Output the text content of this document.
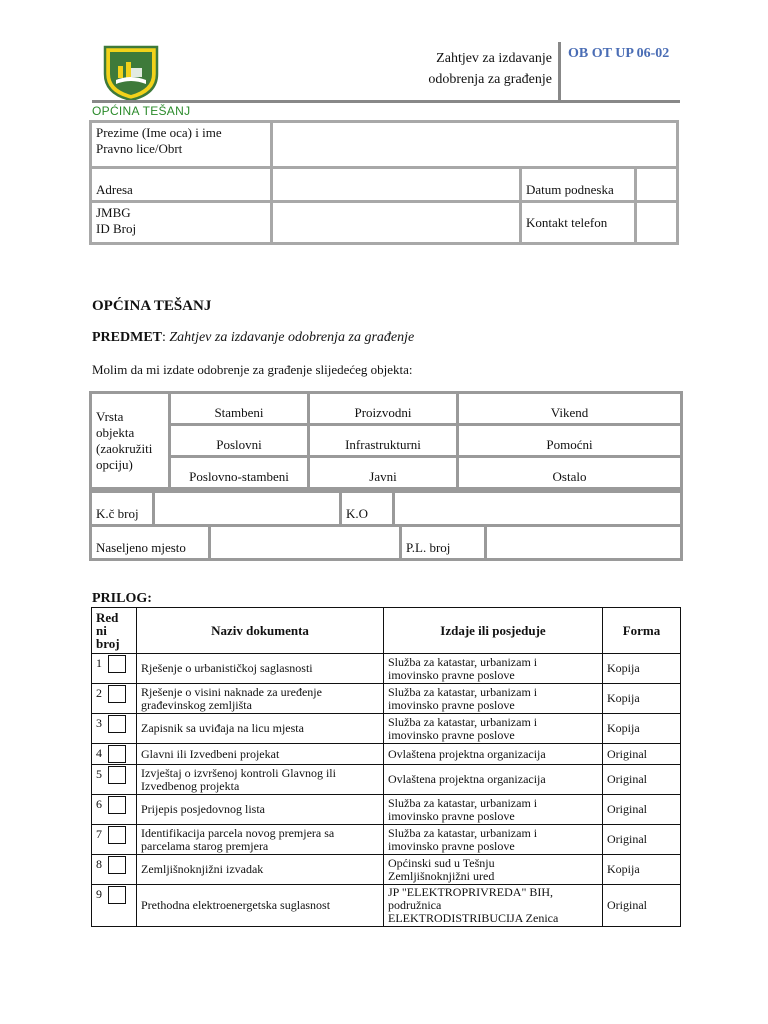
OPĆINA TEŠANJ
Zahtjev za izdavanje
odobrenja za građenje
OB OT UP 06-02
Prezime (Ime oca) i ime
Pravno lice/Obrt			

Adresa		Datum podneska	

JMBG
ID Broj		Kontakt telefon	
OPĆINA TEŠANJ
PREDMET: Zahtjev za izdavanje odobrenja za građenje
Molim da mi izdate odobrenje za građenje slijedećeg objekta:
Vrsta
objekta
(zaokružiti
opciju)	Stambeni	Proizvodni	Vikend
	Poslovni	Infrastrukturni	Pomoćni
	Poslovno-stambeni	Javni	Ostalo
K.č broj		K.O	
Naseljeno mjesto		P.L. broj	
PRILOG:
Red
ni
broj	Naziv dokumenta	Izdaje ili posjeduje	Forma
1	Rješenje o urbanističkoj saglasnosti	Služba za katastar, urbanizam i
imovinsko pravne poslove	Kopija
2	Rješenje o visini naknade za uređenje građevinskog zemljišta	Služba za katastar, urbanizam i
imovinsko pravne poslove	Kopija
3	Zapisnik sa uviđaja na licu mjesta	Služba za katastar, urbanizam i
imovinsko pravne poslove	Kopija
4	Glavni ili Izvedbeni projekat	Ovlaštena projektna organizacija	Original
5	Izvještaj o izvršenoj kontroli Glavnog ili Izvedbenog projekta	Ovlaštena projektna organizacija	Original
6	Prijepis posjedovnog lista	Služba za katastar, urbanizam i
imovinsko pravne poslove	Original
7	Identifikacija parcela novog premjera sa parcelama starog premjera	Služba za katastar, urbanizam i
imovinsko pravne poslove	Original
8	Zemljišnoknjižni izvadak	Općinski sud u Tešnju
Zemljišnoknjižni ured	Kopija
9	Prethodna elektroenergetska suglasnost	JP "ELEKTROPRIVREDA" BIH,
podružnica
ELEKTRODISTRIBUCIJA Zenica	Original
